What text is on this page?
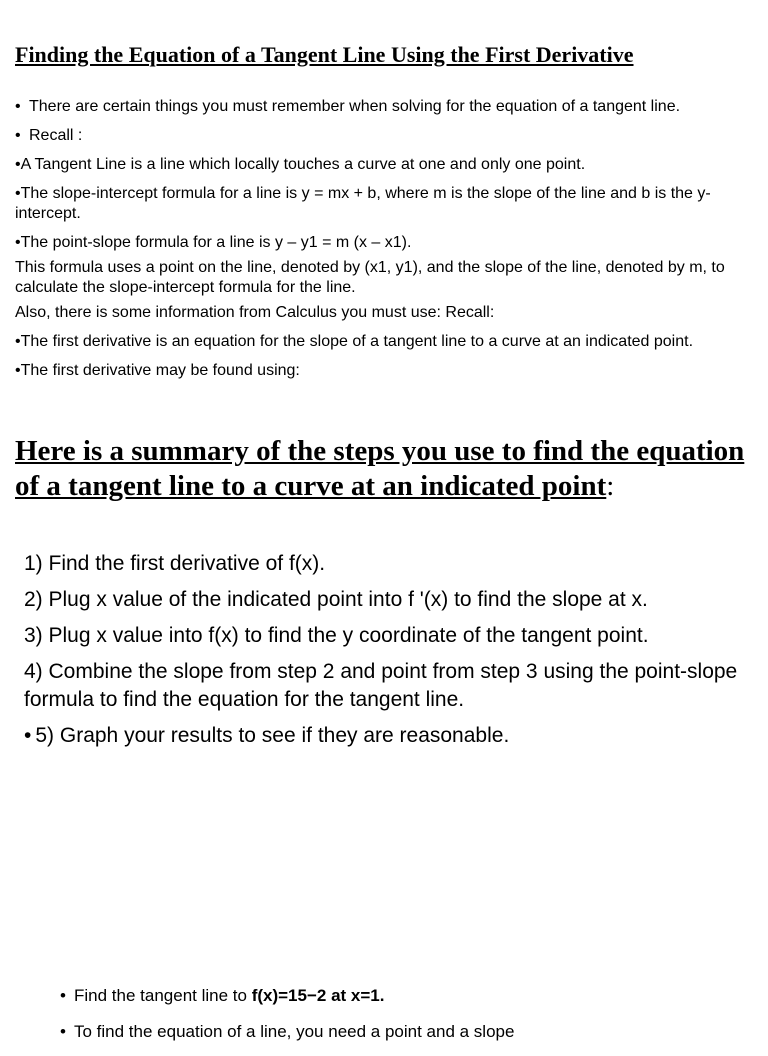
Finding the Equation of a Tangent Line Using the First Derivative

• There are certain things you must remember when solving for the equation of a tangent line.

• Recall :

•A Tangent Line is a line which locally touches a curve at one and only one point.

•The slope-intercept formula for a line is y = mx + b, where m is the slope of the line and b is the y-intercept.

•The point-slope formula for a line is y – y1 = m (x – x1).

This formula uses a point on the line, denoted by (x1, y1), and the slope of the line, denoted by m, to calculate the slope-intercept formula for the line.

Also, there is some information from Calculus you must use: Recall:

•The first derivative is an equation for the slope of a tangent line to a curve at an indicated point.

•The first derivative may be found using:

Here is a summary of the steps you use to find the equation of a tangent line to a curve at an indicated point:

1) Find the first derivative of f(x).

2) Plug x value of the indicated point into f '(x) to find the slope at x.

3) Plug x value into f(x) to find the y coordinate of the tangent point.

4) Combine the slope from step 2 and point from step 3 using the point-slope formula to find the equation for the tangent line.

• 5) Graph your results to see if they are reasonable.

• Find the tangent line to f(x)=15−2 at x=1.

• To find the equation of a line, you need a point and a slope
